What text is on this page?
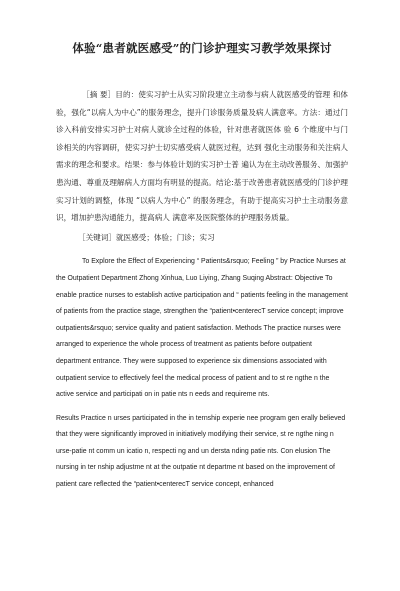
体验“患者就医感受”的门诊护理实习教学效果探讨

［摘 要］目的：使实习护士从实习阶段建立主动参与病人就医感受的管理 和体验，强化“以病人为中心”的服务理念，提升门诊服务质量及病人满意率。方法：通过门诊入科前安排实习护士对病人就诊全过程的体验，针对患者就医体 验 6 个维度中与门诊相关的内容调研，使实习护士切实感受病人就医过程，达到 强化主动服务和关注病人需求的理念和要求。结果：参与体验计划的实习护士普 遍认为在主动改善服务、加强护患沟通、尊重及理解病人方面均有明显的提高。结论:基于改善患者就医感受的门诊护理实习计划的调整，体现 “以病人为中心” 的服务理念，有助于提高实习护士主动服务意识，增加护患沟通能力，提高病人 满意率及医院整体的护理服务质量。

［关键词］就医感受；体验；门诊；实习

To Explore the Effect of Experiencing “ Patients&rsquo; Feeling ” by Practice Nurses at the Outpatient Department Zhong Xinhua, Luo Liying, Zhang Suqing Abstract: Objective To enable practice nurses to establish active participation and “ patients feeling in the management of patients from the practice stage, strengthen the “patient•centerecT service concept; improve outpatients&rsquo; service quality and patient satisfaction. Methods The practice nurses were arranged to experience the whole process of treatment as patients before outpatient department entrance. They were supposed to experience six dimensions associated with outpatient service to effectively feel the medical process of patient and to st re ngthe n the active service and participati on in patie nts n eeds and requireme nts.

Results Practice n urses participated in the in ternship experie nee program gen erally believed that they were significantly improved in initiatively modifying their service, st re ngthe ning n urse-patie nt comm un icatio n, respecti ng and un dersta nding patie nts. Con elusion The nursing in ter nship adjustme nt at the outpatie nt departme nt based on the improvement of patient care reflected the “patient•centerecT service concept, enhanced
